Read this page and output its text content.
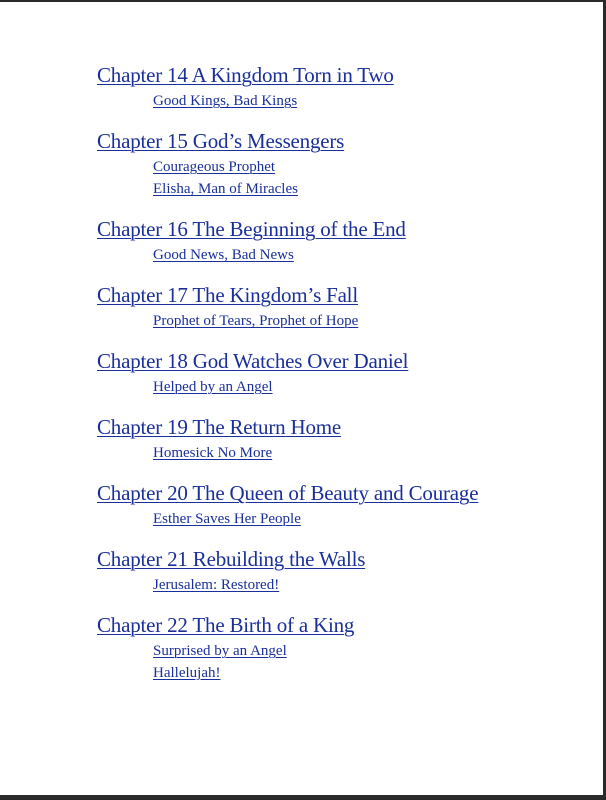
Chapter 14 A Kingdom Torn in Two
Good Kings, Bad Kings
Chapter 15 God’s Messengers
Courageous Prophet
Elisha, Man of Miracles
Chapter 16 The Beginning of the End
Good News, Bad News
Chapter 17 The Kingdom’s Fall
Prophet of Tears, Prophet of Hope
Chapter 18 God Watches Over Daniel
Helped by an Angel
Chapter 19 The Return Home
Homesick No More
Chapter 20 The Queen of Beauty and Courage
Esther Saves Her People
Chapter 21 Rebuilding the Walls
Jerusalem: Restored!
Chapter 22 The Birth of a King
Surprised by an Angel
Hallelujah!
